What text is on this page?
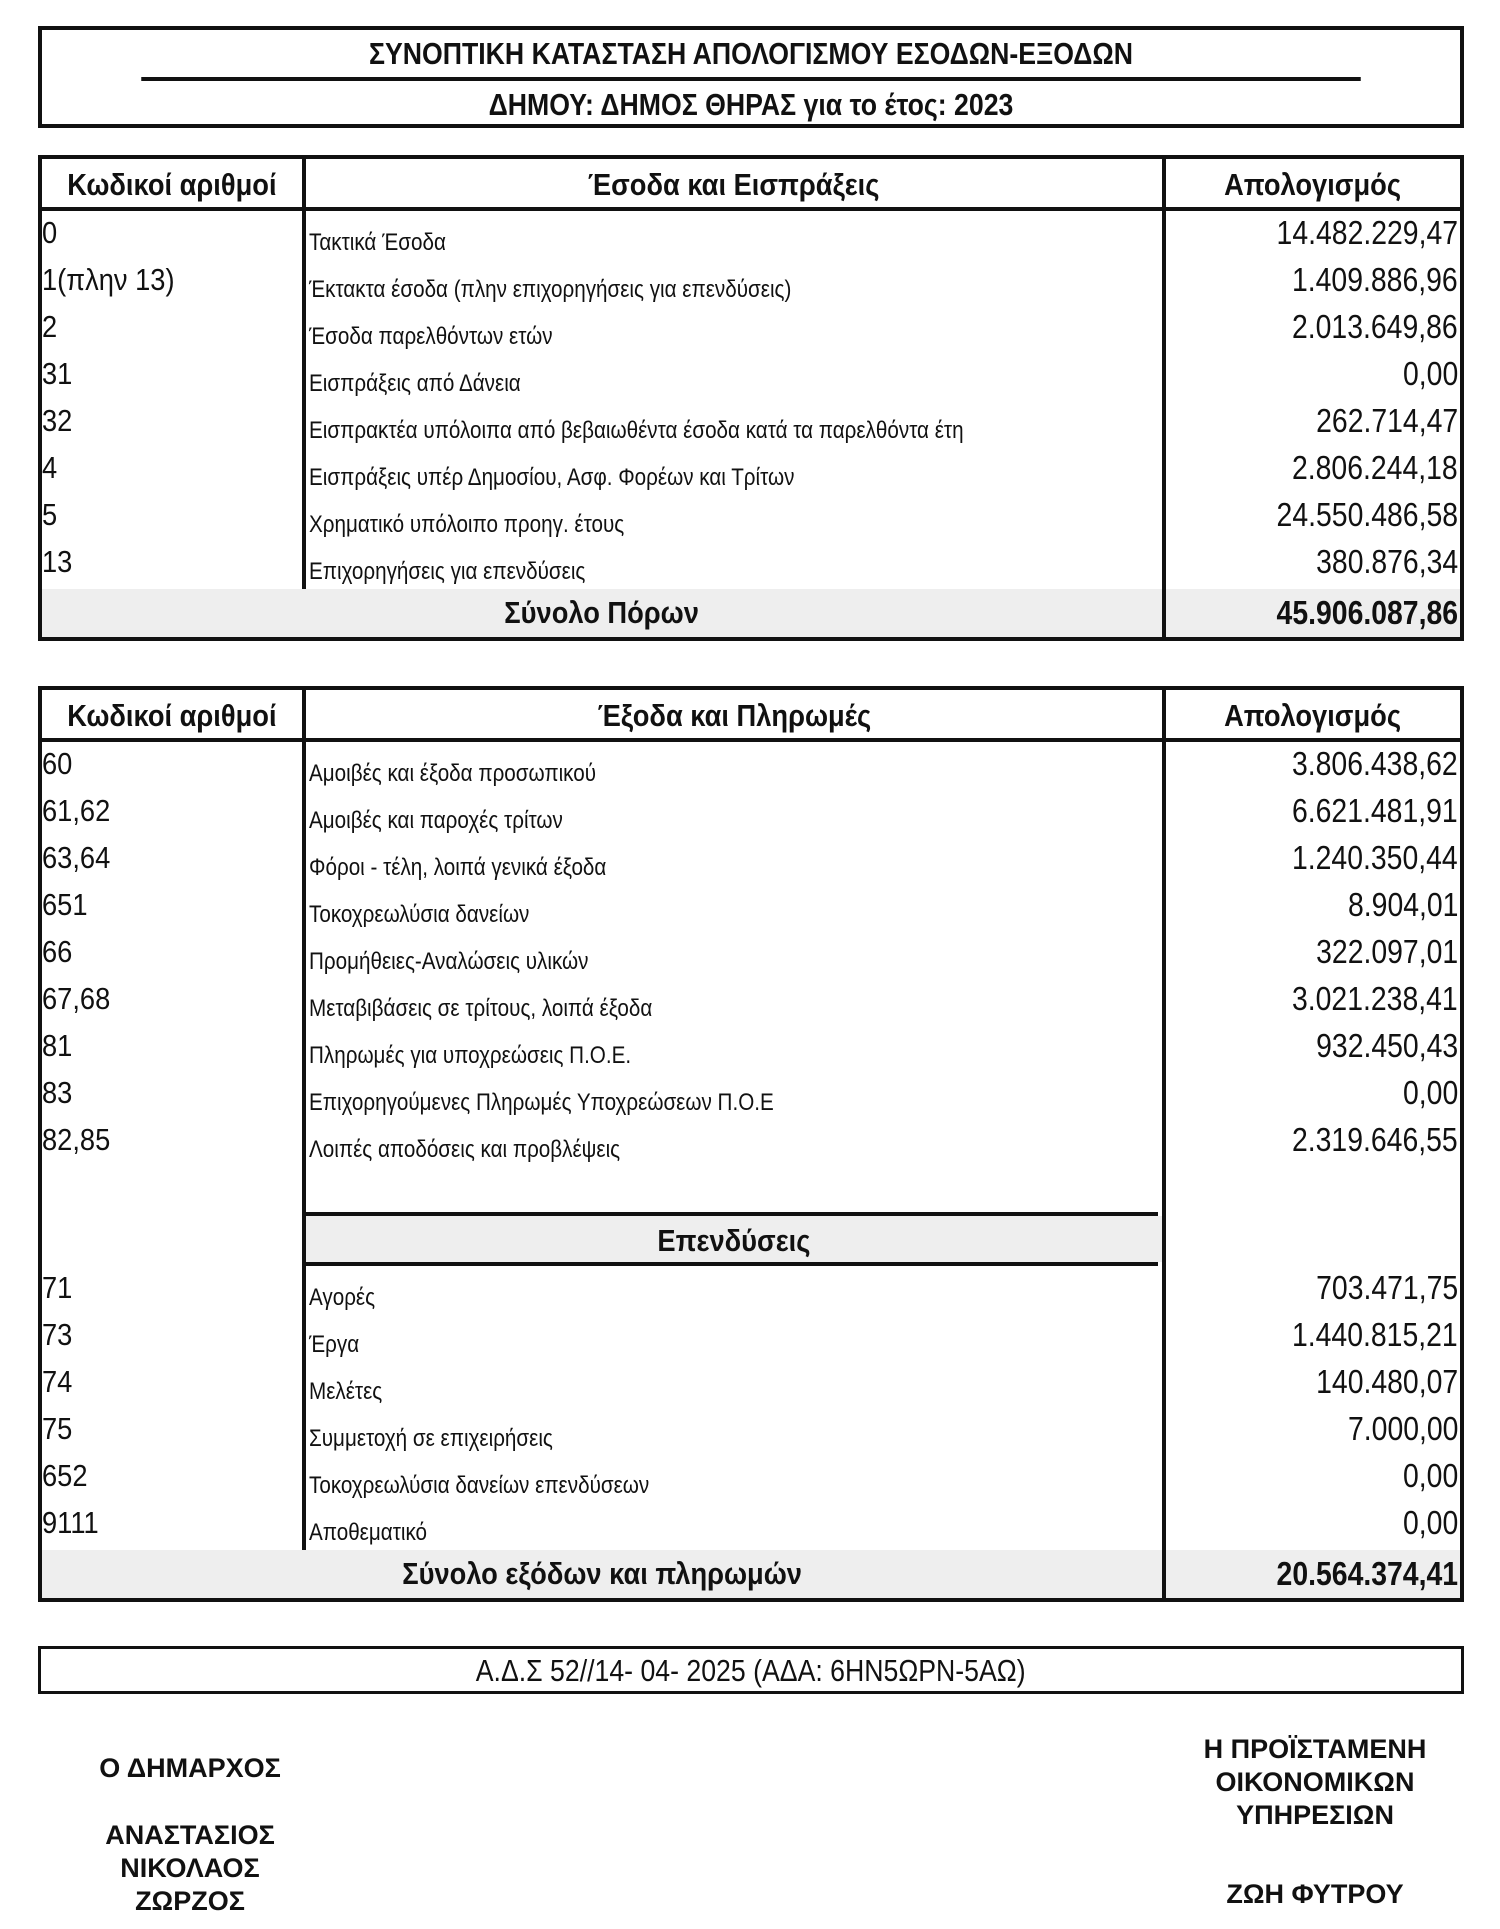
ΣΥΝΟΠΤΙΚΗ ΚΑΤΑΣΤΑΣΗ ΑΠΟΛΟΓΙΣΜΟΥ ΕΣΟΔΩΝ-ΕΞΟΔΩΝ
ΔΗΜΟΥ: ΔΗΜΟΣ ΘΗΡΑΣ για το έτος: 2023
Κωδικοί αριθμοί	Έσοδα και Εισπράξεις	Απολογισμός
0	Τακτικά Έσοδα	14.482.229,47
1(πλην 13)	Έκτακτα έσοδα (πλην επιχορηγήσεις για επενδύσεις)	1.409.886,96
2	Έσοδα παρελθόντων ετών	2.013.649,86
31	Εισπράξεις από Δάνεια	0,00
32	Εισπρακτέα υπόλοιπα από βεβαιωθέντα έσοδα κατά τα παρελθόντα έτη	262.714,47
4	Εισπράξεις υπέρ Δημοσίου, Ασφ. Φορέων και Τρίτων	2.806.244,18
5	Χρηματικό υπόλοιπο προηγ. έτους	24.550.486,58
13	Επιχορηγήσεις για επενδύσεις	380.876,34
Σύνολο Πόρων	45.906.087,86
Κωδικοί αριθμοί	Έξοδα και Πληρωμές	Απολογισμός
60	Αμοιβές και έξοδα προσωπικού	3.806.438,62
61,62	Αμοιβές και παροχές τρίτων	6.621.481,91
63,64	Φόροι - τέλη, λοιπά γενικά έξοδα	1.240.350,44
651	Τοκοχρεωλύσια δανείων	8.904,01
66	Προμήθειες-Αναλώσεις υλικών	322.097,01
67,68	Μεταβιβάσεις σε τρίτους, λοιπά έξοδα	3.021.238,41
81	Πληρωμές για υποχρεώσεις Π.Ο.Ε.	932.450,43
83	Επιχορηγούμενες Πληρωμές Υποχρεώσεων Π.Ο.Ε	0,00
82,85	Λοιπές αποδόσεις και προβλέψεις	2.319.646,55
Επενδύσεις
71	Αγορές	703.471,75
73	Έργα	1.440.815,21
74	Μελέτες	140.480,07
75	Συμμετοχή σε επιχειρήσεις	7.000,00
652	Τοκοχρεωλύσια δανείων επενδύσεων	0,00
9111	Αποθεματικό	0,00
Σύνολο εξόδων και πληρωμών	20.564.374,41
Α.Δ.Σ 52//14- 04- 2025 (ΑΔΑ: 6ΗΝ5ΩΡΝ-5ΑΩ)
Ο ΔΗΜΑΡΧΟΣ
ΑΝΑΣΤΑΣΙΟΣ
ΝΙΚΟΛΑΟΣ
ΖΩΡΖΟΣ
Η ΠΡΟΪΣΤΑΜΕΝΗ
ΟΙΚΟΝΟΜΙΚΩΝ
ΥΠΗΡΕΣΙΩΝ
ΖΩΗ ΦΥΤΡΟΥ
